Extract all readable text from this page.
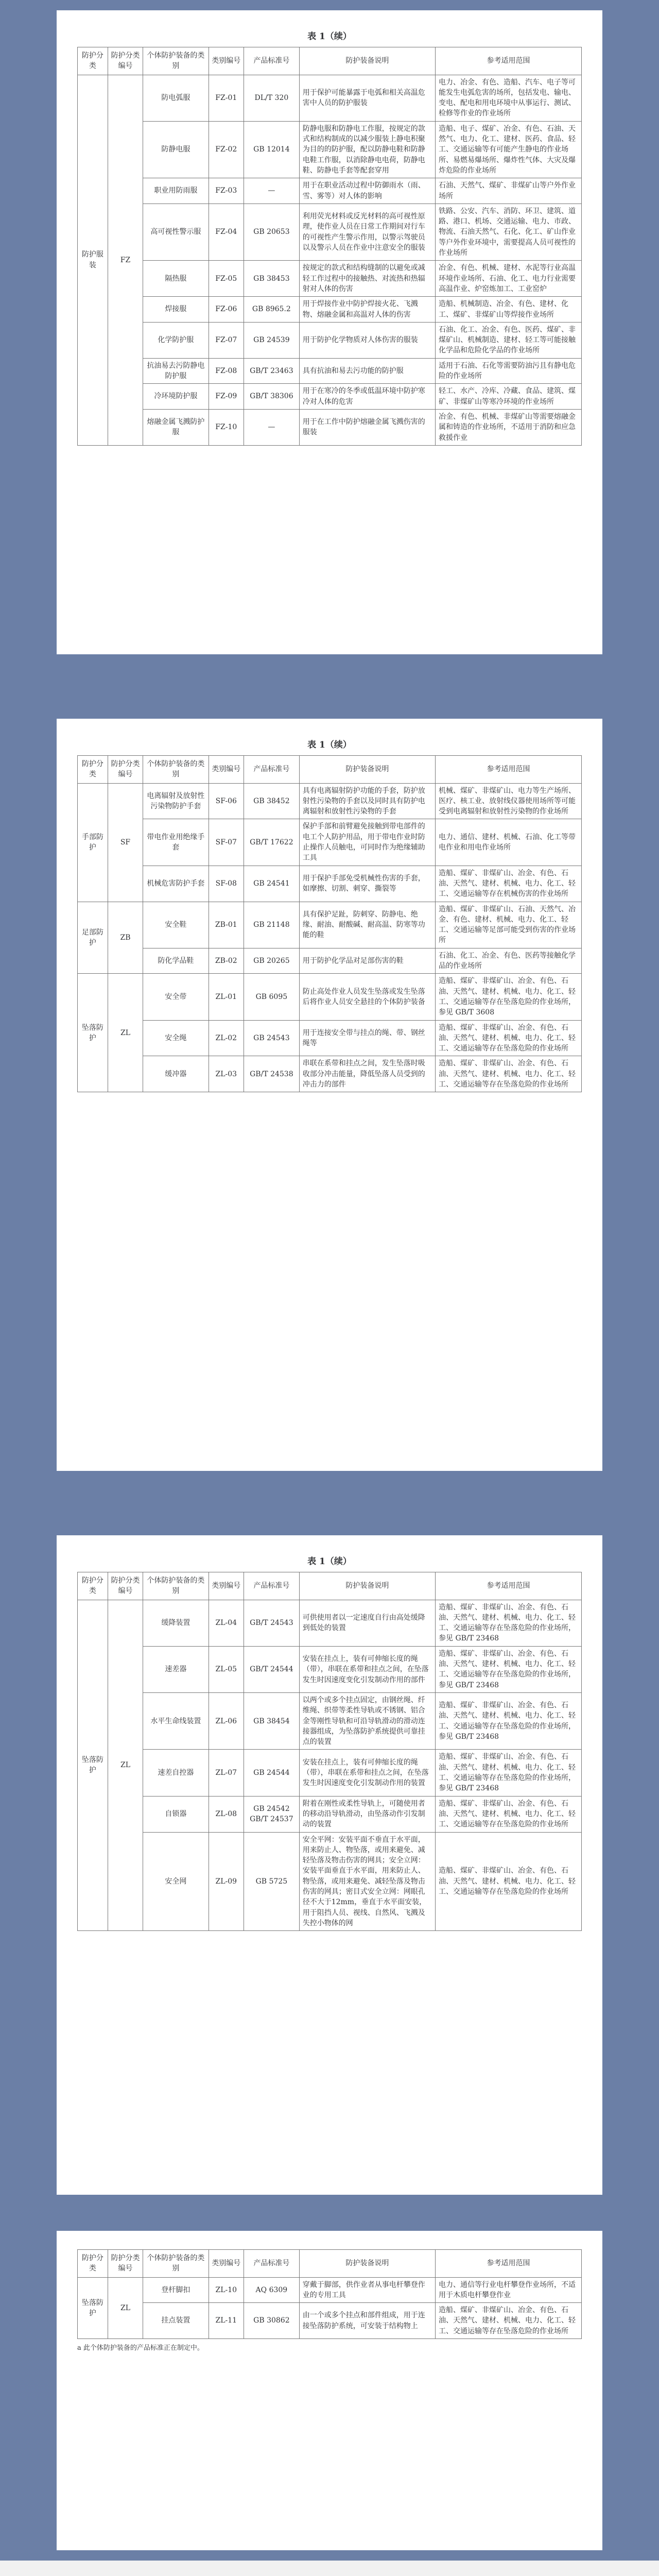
表 1（续）
防护分类	防护分类编号	个体防护装备的类别	类别编号	产品标准号	防护装备说明	参考适用范围
防护服装	FZ	防电弧服	FZ-01	DL/T 320	用于保护可能暴露于电弧和相关高温危害中人员的防护服装	电力、冶金、有色、造船、汽车、电子等可能发生电弧危害的场所，包括发电、输电、变电、配电和用电环境中从事运行、测试、检修等作业的作业场所
		防静电服	FZ-02	GB 12014	防静电服和防静电工作服，按规定的款式和结构制成的以减少服装上静电积聚为目的的防护服，配以防静电鞋和防静电鞋工作服，以消除静电电荷，防静电鞋、防静电手套等配套穿用	造船、电子、煤矿、冶金、有色、石油、天然气、电力、化工、建材、医药、食品、轻工、交通运输等有可能产生静电的作业场所、易燃易爆场所、爆炸性气体、大灾及爆炸危险的作业场所
		职业用防雨服	FZ-03	—	用于在职业活动过程中防御雨水（雨、雪、雾等）对人体的影响	石油、天然气、煤矿、非煤矿山等户外作业场所
		高可视性警示服	FZ-04	GB 20653	利用荧光材料或反光材料的高可视性原理，使作业人员在日常工作期间对行车的可视性产生警示作用，以警示驾驶员以及警示人员在作业中注意安全的服装	铁路、公安、汽车、消防、环卫、建筑、道路、港口、机场、交通运输、电力、市政、物流、石油天然气、石化、化工、矿山作业等户外作业环境中，需要提高人员可视性的作业场所
		隔热服	FZ-05	GB 38453	按规定的款式和结构缝制的以避免或减轻工作过程中的接触热、对流热和热辐射对人体的伤害	冶金、有色、机械、建材、水泥等行业高温环境作业场所、石油、化工、电力行业需要高温作业、炉窑炼加工、工业窑炉
		焊接服	FZ-06	GB 8965.2	用于焊接作业中防护焊接火花、飞溅物、熔融金属和高温对人体的伤害	造船、机械制造、冶金、有色、建材、化工、煤矿、非煤矿山等焊接作业场所
		化学防护服	FZ-07	GB 24539	用于防护化学物质对人体伤害的服装	石油、化工、冶金、有色、医药、煤矿、非煤矿山、机械制造、建材、轻工等可能接触化学品和危险化学品的作业场所
		抗油易去污防静电防护服	FZ-08	GB/T 23463	具有抗油和易去污功能的防护服	适用于石油、石化等需要防油污且有静电危险的作业场所
		冷环境防护服	FZ-09	GB/T 38306	用于在寒冷的冬季或低温环境中防护寒冷对人体的危害	轻工、水产、冷库、冷藏、食品、建筑、煤矿、非煤矿山等寒冷环境的作业场所
		熔融金属飞溅防护服	FZ-10	—	用于在工作中防护熔融金属飞溅伤害的服装	冶金、有色、机械、非煤矿山等需要熔融金属和铸造的作业场所，不适用于消防和应急救援作业
表 1（续）
防护分类	防护分类编号	个体防护装备的类别	类别编号	产品标准号	防护装备说明	参考适用范围
手部防护	SF	电离辐射及放射性污染物防护手套	SF-06	GB 38452	具有电离辐射防护功能的手套，防护放射性污染物的手套以及同时具有防护电离辐射和放射性污染物的手套	机械、煤矿、非煤矿山、电力等生产场所、医疗、核工业、放射线仪器使用场所等可能受到电离辐射和放射性污染物的作业场所
		带电作业用绝缘手套	SF-07	GB/T 17622	保护手部和前臂避免接触到带电部件的电工个人防护用品，用于带电作业时防止操作人员触电，可同时作为绝缘辅助工具	电力、通信、建材、机械、石油、化工等带电作业和用电作业场所
		机械危害防护手套	SF-08	GB 24541	用于保护手部免受机械性伤害的手套，如摩擦、切割、刺穿、撕裂等	造船、煤矿、非煤矿山、冶金、有色、石油、天然气、建材、机械、电力、化工、轻工、交通运输等存在机械伤害的作业场所
足部防护	ZB	安全鞋	ZB-01	GB 21148	具有保护足趾，防刺穿、防静电、绝缘、耐油、耐酸碱、耐高温、防寒等功能的鞋	造船、煤矿、非煤矿山、石油、天然气、冶金、有色、建材、机械、电力、化工、轻工、交通运输等足部可能受到伤害的作业场所
		防化学品鞋	ZB-02	GB 20265	用于防护化学品对足部伤害的鞋	石油、化工、冶金、有色、医药等接触化学品的作业场所
坠落防护	ZL	安全带	ZL-01	GB 6095	防止高处作业人员发生坠落或发生坠落后将作业人员安全悬挂的个体防护装备	造船、煤矿、非煤矿山、冶金、有色、石油、天然气、建材、机械、电力、化工、轻工、交通运输等存在坠落危险的作业场所，参见 GB/T 3608
		安全绳	ZL-02	GB 24543	用于连接安全带与挂点的绳、带、钢丝绳等	造船、煤矿、非煤矿山、冶金、有色、石油、天然气、建材、机械、电力、化工、轻工、交通运输等存在坠落危险的作业场所
		缓冲器	ZL-03	GB/T 24538	串联在系带和挂点之间，发生坠落时吸收部分冲击能量，降低坠落人员受到的冲击力的部件	造船、煤矿、非煤矿山、冶金、有色、石油、天然气、建材、机械、电力、化工、轻工、交通运输等存在坠落危险的作业场所
表 1（续）
防护分类	防护分类编号	个体防护装备的类别	类别编号	产品标准号	防护装备说明	参考适用范围
坠落防护	ZL	缓降装置	ZL-04	GB/T 24543	可供使用者以一定速度自行由高处缓降到低处的装置	造船、煤矿、非煤矿山、冶金、有色、石油、天然气、建材、机械、电力、化工、轻工、交通运输等存在坠落危险的作业场所，参见 GB/T 23468
		速差器	ZL-05	GB/T 24544	安装在挂点上，装有可伸缩长度的绳（带），串联在系带和挂点之间，在坠落发生时因速度变化引发制动作用的部件	造船、煤矿、非煤矿山、冶金、有色、石油、天然气、建材、机械、电力、化工、轻工、交通运输等存在坠落危险的作业场所，参见 GB/T 23468
		水平生命线装置	ZL-06	GB 38454	以两个或多个挂点固定，由钢丝绳、纤维绳、织带等柔性导轨或不锈钢、铝合金等刚性导轨和可沿导轨滑动的滑动连接器组成，为坠落防护系统提供可靠挂点的装置	造船、煤矿、非煤矿山、冶金、有色、石油、天然气、建材、机械、电力、化工、轻工、交通运输等存在坠落危险的作业场所，参见 GB/T 23468
		速差自控器	ZL-07	GB 24544	安装在挂点上，装有可伸缩长度的绳（带），串联在系带和挂点之间，在坠落发生时因速度变化引发制动作用的装置	造船、煤矿、非煤矿山、冶金、有色、石油、天然气、建材、机械、电力、化工、轻工、交通运输等存在坠落危险的作业场所，参见 GB/T 23468
		自锁器	ZL-08	GB 24542 GB/T 24537	附着在刚性或柔性导轨上，可随使用者的移动沿导轨滑动，由坠落动作引发制动的装置	造船、煤矿、非煤矿山、冶金、有色、石油、天然气、建材、机械、电力、化工、轻工、交通运输等存在坠落危险的作业场所
		安全网	ZL-09	GB 5725	安全平网：安装平面不垂直于水平面，用来防止人、物坠落，或用来避免、减轻坠落及物击伤害的网具；安全立网：安装平面垂直于水平面，用来防止人、物坠落，或用来避免、减轻坠落及物击伤害的网具；密目式安全立网：网眼孔径不大于12mm，垂直于水平面安装，用于阻挡人员、视线、自然风、飞溅及失控小物体的网	造船、煤矿、非煤矿山、冶金、有色、石油、天然气、建材、机械、电力、化工、轻工、交通运输等存在坠落危险的作业场所
防护分类	防护分类编号	个体防护装备的类别	类别编号	产品标准号	防护装备说明	参考适用范围
坠落防护	ZL	登杆脚扣	ZL-10	AQ 6309	穿戴于脚部，供作业者从事电杆攀登作业的专用工具	电力、通信等行业电杆攀登作业场所，不适用于木质电杆攀登作业
		挂点装置	ZL-11	GB 30862	由一个或多个挂点和部件组成，用于连接坠落防护系统，可安装于结构物上	造船、煤矿、非煤矿山、冶金、有色、石油、天然气、建材、机械、电力、化工、轻工、交通运输等存在坠落危险的作业场所
a 此个体防护装备的产品标准正在制定中。
